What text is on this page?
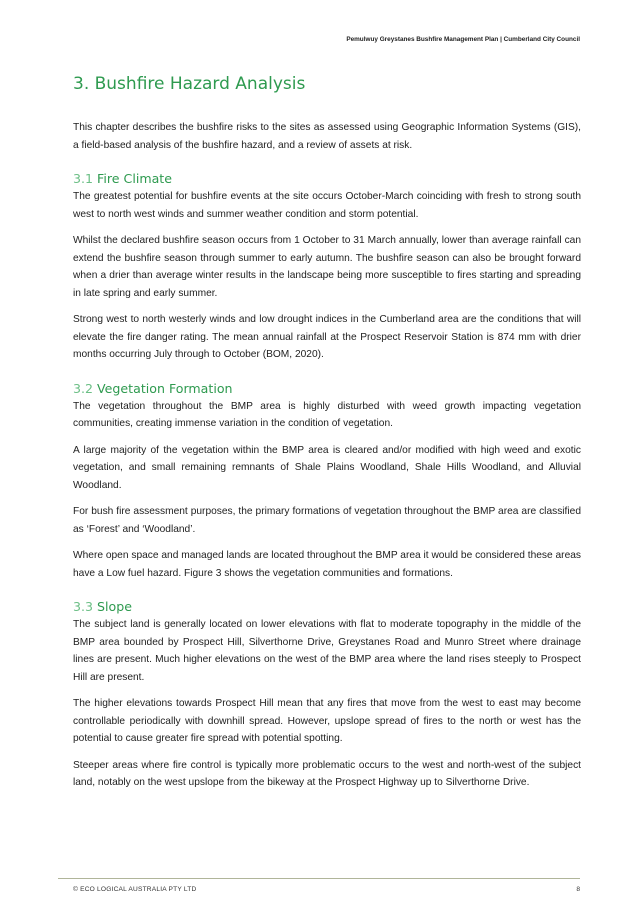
Pemulwuy Greystanes Bushfire Management Plan | Cumberland City Council
3. Bushfire Hazard Analysis

This chapter describes the bushfire risks to the sites as assessed using Geographic Information Systems (GIS), a field-based analysis of the bushfire hazard, and a review of assets at risk.

3.1 Fire Climate

The greatest potential for bushfire events at the site occurs October-March coinciding with fresh to strong south west to north west winds and summer weather condition and storm potential.

Whilst the declared bushfire season occurs from 1 October to 31 March annually, lower than average rainfall can extend the bushfire season through summer to early autumn. The bushfire season can also be brought forward when a drier than average winter results in the landscape being more susceptible to fires starting and spreading in late spring and early summer.

Strong west to north westerly winds and low drought indices in the Cumberland area are the conditions that will elevate the fire danger rating. The mean annual rainfall at the Prospect Reservoir Station is 874 mm with drier months occurring July through to October (BOM, 2020).

3.2 Vegetation Formation

The vegetation throughout the BMP area is highly disturbed with weed growth impacting vegetation communities, creating immense variation in the condition of vegetation.

A large majority of the vegetation within the BMP area is cleared and/or modified with high weed and exotic vegetation, and small remaining remnants of Shale Plains Woodland, Shale Hills Woodland, and Alluvial Woodland.

For bush fire assessment purposes, the primary formations of vegetation throughout the BMP area are classified as ‘Forest’ and ‘Woodland’.

Where open space and managed lands are located throughout the BMP area it would be considered these areas have a Low fuel hazard. Figure 3 shows the vegetation communities and formations.

3.3 Slope

The subject land is generally located on lower elevations with flat to moderate topography in the middle of the BMP area bounded by Prospect Hill, Silverthorne Drive, Greystanes Road and Munro Street where drainage lines are present. Much higher elevations on the west of the BMP area where the land rises steeply to Prospect Hill are present.

The higher elevations towards Prospect Hill mean that any fires that move from the west to east may become controllable periodically with downhill spread. However, upslope spread of fires to the north or west has the potential to cause greater fire spread with potential spotting.

Steeper areas where fire control is typically more problematic occurs to the west and north-west of the subject land, notably on the west upslope from the bikeway at the Prospect Highway up to Silverthorne Drive.

© ECO LOGICAL AUSTRALIA PTY LTD	8
